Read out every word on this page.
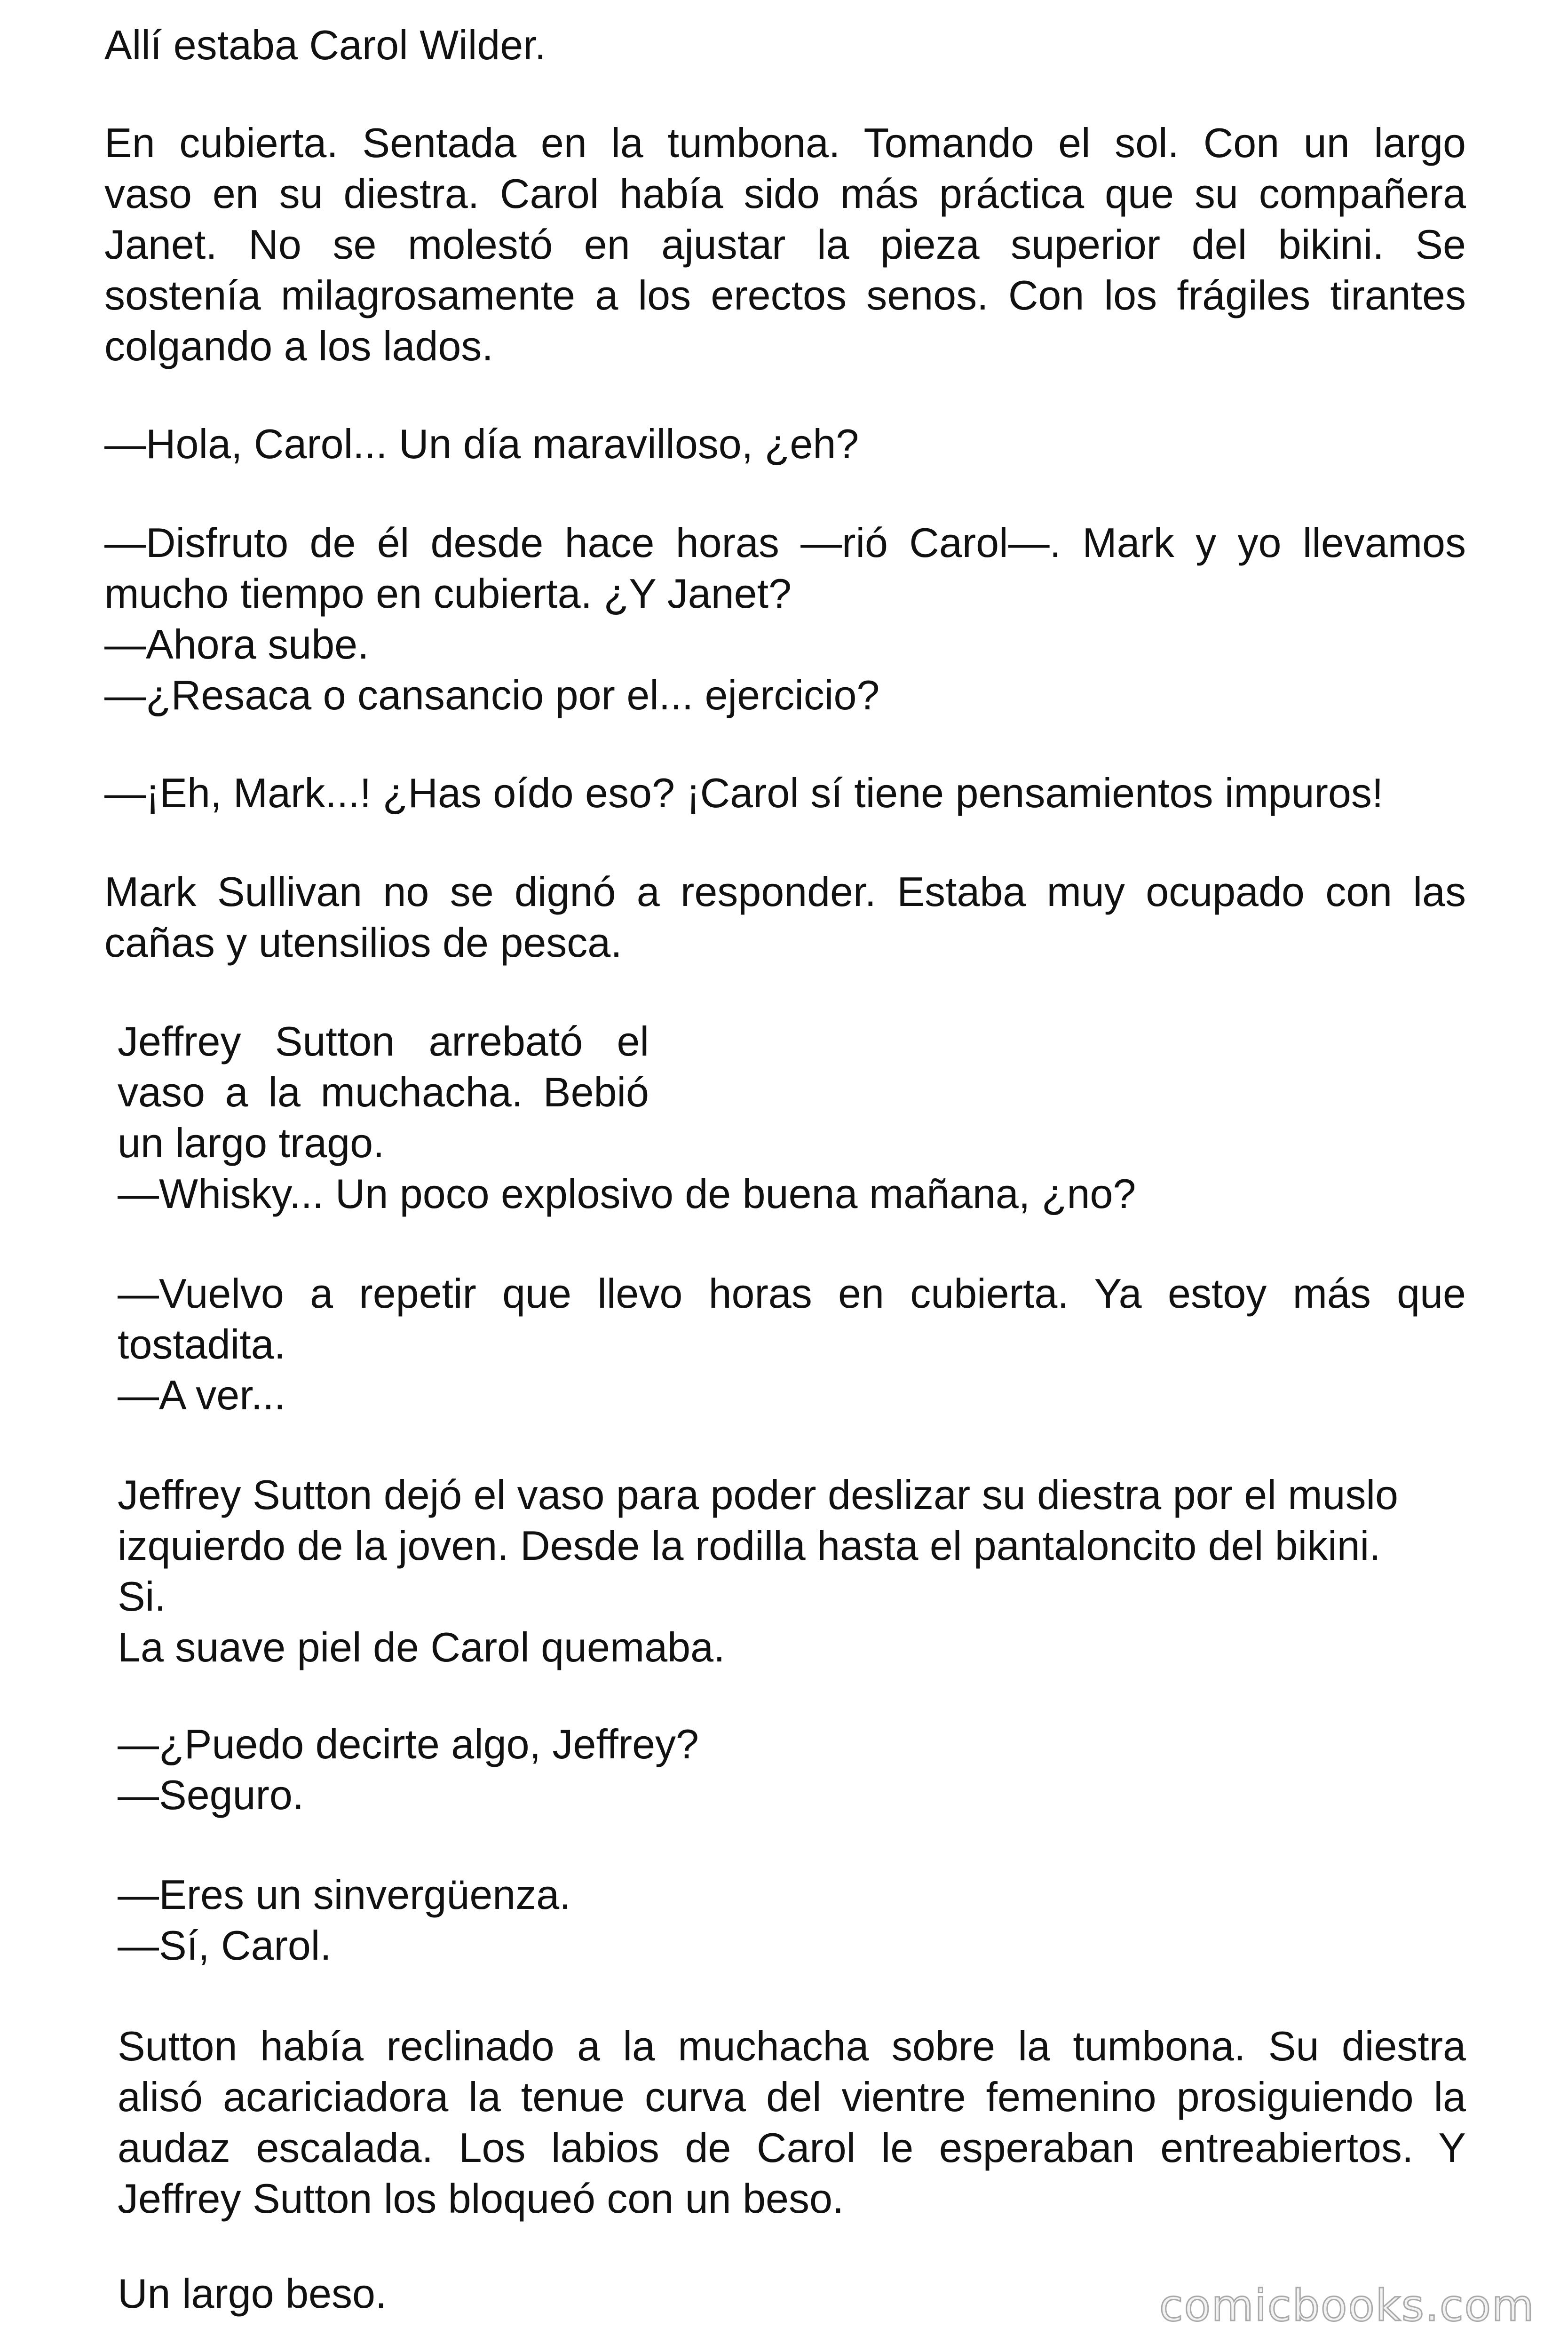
Allí estaba Carol Wilder.

En cubierta. Sentada en la tumbona. Tomando el sol. Con un largo
vaso en su diestra. Carol había sido más práctica que su compañera
Janet. No se molestó en ajustar la pieza superior del bikini. Se
sostenía milagrosamente a los erectos senos. Con los frágiles tirantes
colgando a los lados.

—Hola, Carol... Un día maravilloso, ¿eh?

—Disfruto de él desde hace horas —rió Carol—. Mark y yo llevamos
mucho tiempo en cubierta. ¿Y Janet?
—Ahora sube.
—¿Resaca o cansancio por el... ejercicio?

—¡Eh, Mark...! ¿Has oído eso? ¡Carol sí tiene pensamientos impuros!

Mark Sullivan no se dignó a responder. Estaba muy ocupado con las
cañas y utensilios de pesca.

Jeffrey Sutton arrebató el
vaso a la muchacha. Bebió
un largo trago.

—Whisky... Un poco explosivo de buena mañana, ¿no?

—Vuelvo a repetir que llevo horas en cubierta. Ya estoy más que
tostadita.
—A ver...

Jeffrey Sutton dejó el vaso para poder deslizar su diestra por el muslo
izquierdo de la joven. Desde la rodilla hasta el pantaloncito del bikini.
Si.
La suave piel de Carol quemaba.

—¿Puedo decirte algo, Jeffrey?
—Seguro.

—Eres un sinvergüenza.
—Sí, Carol.

Sutton había reclinado a la muchacha sobre la tumbona. Su diestra
alisó acariciadora la tenue curva del vientre femenino prosiguiendo la
audaz escalada. Los labios de Carol le esperaban entreabiertos. Y
Jeffrey Sutton los bloqueó con un beso.

Un largo beso.	comicbooks.com
